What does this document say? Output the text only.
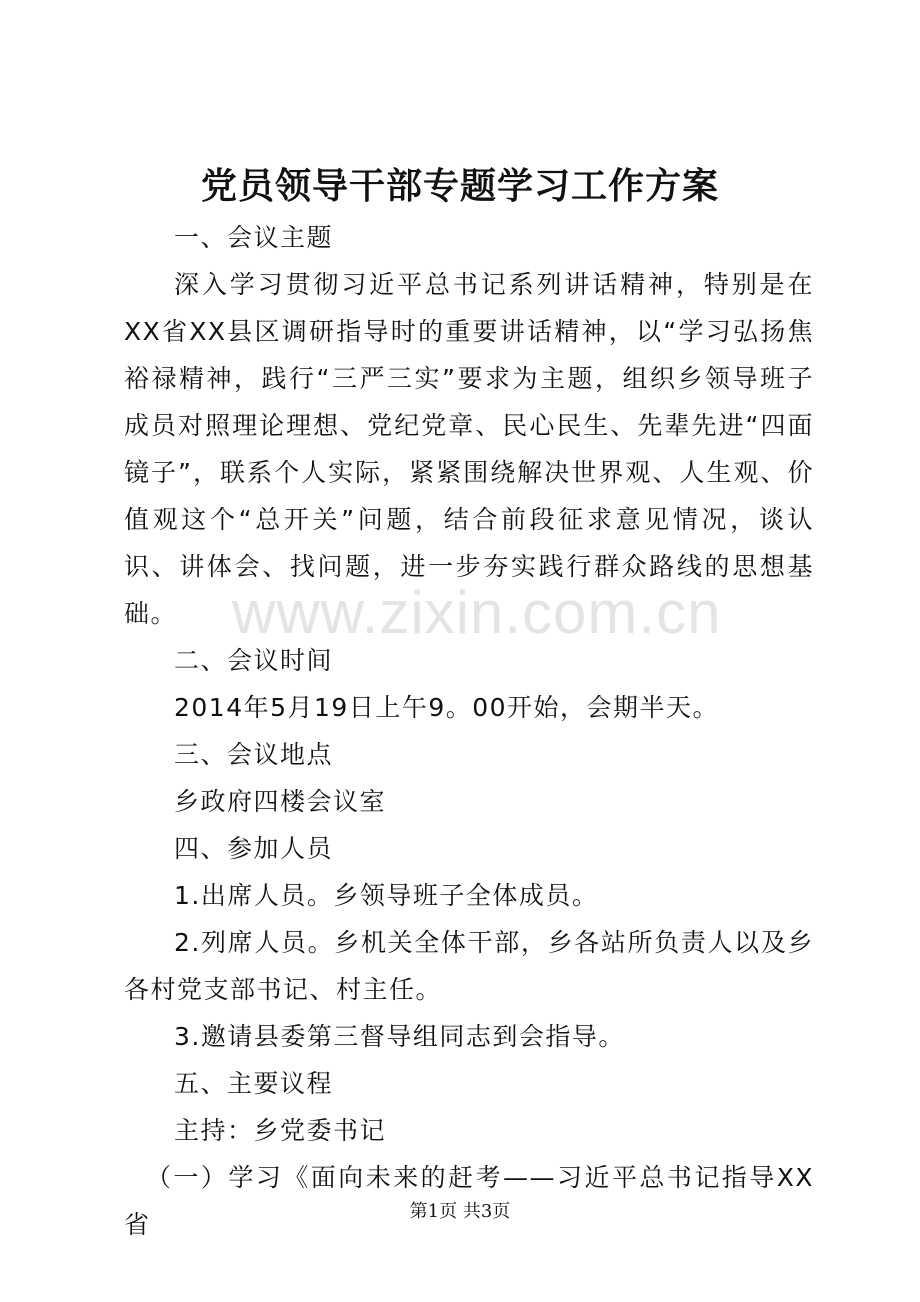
党员领导干部专题学习工作方案

一、会议主题

深入学习贯彻习近平总书记系列讲话精神，特别是在XX省XX县区调研指导时的重要讲话精神，以“学习弘扬焦裕禄精神，践行“三严三实”要求为主题，组织乡领导班子成员对照理论理想、党纪党章、民心民生、先辈先进“四面镜子”，联系个人实际，紧紧围绕解决世界观、人生观、价值观这个“总开关”问题，结合前段征求意见情况，谈认识、讲体会、找问题，进一步夯实践行群众路线的思想基础。

二、会议时间

2014年5月19日上午9。00开始，会期半天。

三、会议地点

乡政府四楼会议室

四、参加人员

1.出席人员。乡领导班子全体成员。

2.列席人员。乡机关全体干部，乡各站所负责人以及乡各村党支部书记、村主任。

3.邀请县委第三督导组同志到会指导。

五、主要议程

主持：乡党委书记

（一）学习《面向未来的赶考——习近平总书记指导XX省

www.zixin.com.cn
第1页 共3页
